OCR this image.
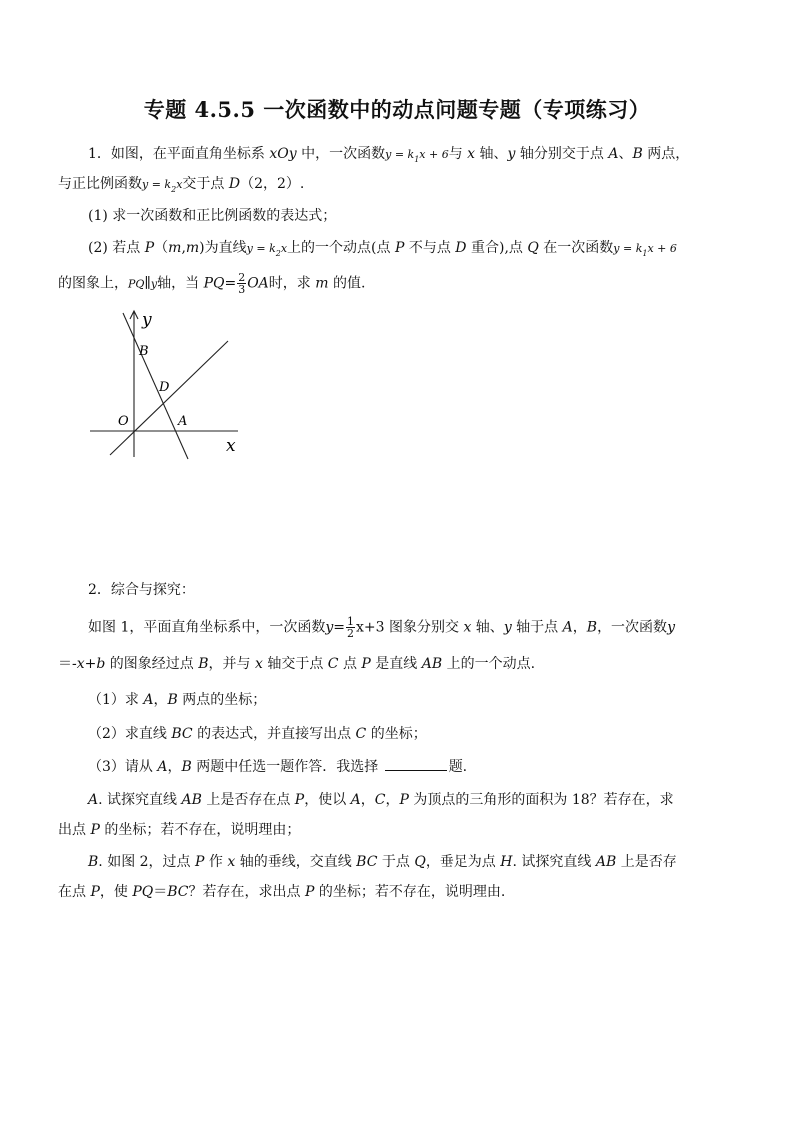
专题 4.5.5 一次函数中的动点问题专题（专项练习）
1．如图，在平面直角坐标系 xOy 中，一次函数$y = k_1x + 6$与 x 轴、y 轴分别交于点 A、B 两点，
与正比例函数$y = k_2x$交于点 D（2，2）.
(1) 求一次函数和正比例函数的表达式；
(2) 若点 P（m,m)为直线$y = k_2x$上的一个动点(点 P 不与点 D 重合),点 Q 在一次函数$y = k_1x + 6$
的图象上，PQ∥y轴，当 $PQ= \frac{2}{3}$ OA时，求 m 的值.
y
B
D
O	A
x
2．综合与探究：
如图 1，平面直角坐标系中，一次函数$y= \frac{1}{2} x+3$ 图象分别交 x 轴、y 轴于点 A，B，一次函数y
＝-x+b 的图象经过点 B，并与 x 轴交于点 C 点 P 是直线 AB 上的一个动点.
（1）求 A，B 两点的坐标；
（2）求直线 BC 的表达式，并直接写出点 C 的坐标；
（3）请从 A，B 两题中任选一题作答．我选择	题.
A. 试探究直线 AB 上是否存在点 P，使以 A，C，P 为顶点的三角形的面积为 18？若存在，求
出点 P 的坐标；若不存在，说明理由；
B. 如图 2，过点 P 作 x 轴的垂线，交直线 BC 于点 Q，垂足为点 H. 试探究直线 AB 上是否存
在点 P，使 PQ＝BC？若存在，求出点 P 的坐标；若不存在，说明理由.
